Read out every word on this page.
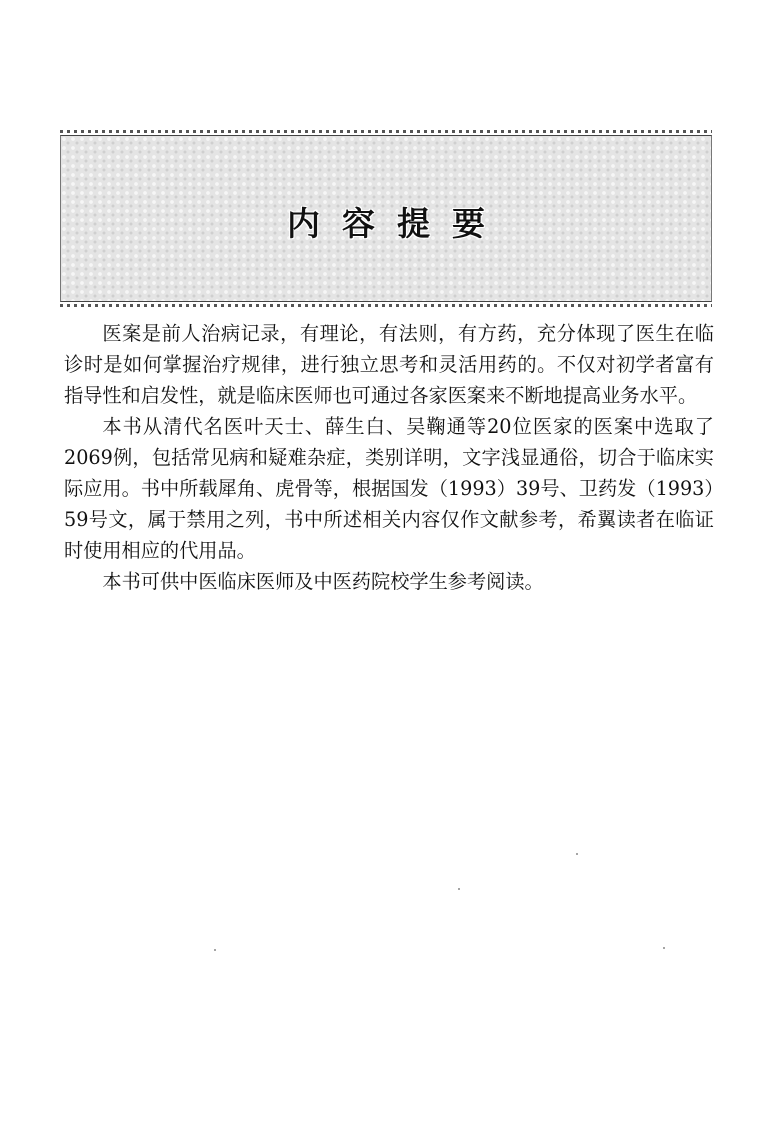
内容提要

医案是前人治病记录，有理论，有法则，有方药，充分体现了医生在临诊时是如何掌握治疗规律，进行独立思考和灵活用药的。不仅对初学者富有指导性和启发性，就是临床医师也可通过各家医案来不断地提高业务水平。

本书从清代名医叶天士、薛生白、吴鞠通等20位医家的医案中选取了2069例，包括常见病和疑难杂症，类别详明，文字浅显通俗，切合于临床实际应用。书中所载犀角、虎骨等，根据国发（1993）39号、卫药发（1993）59号文，属于禁用之列，书中所述相关内容仅作文献参考，希翼读者在临证时使用相应的代用品。

本书可供中医临床医师及中医药院校学生参考阅读。
